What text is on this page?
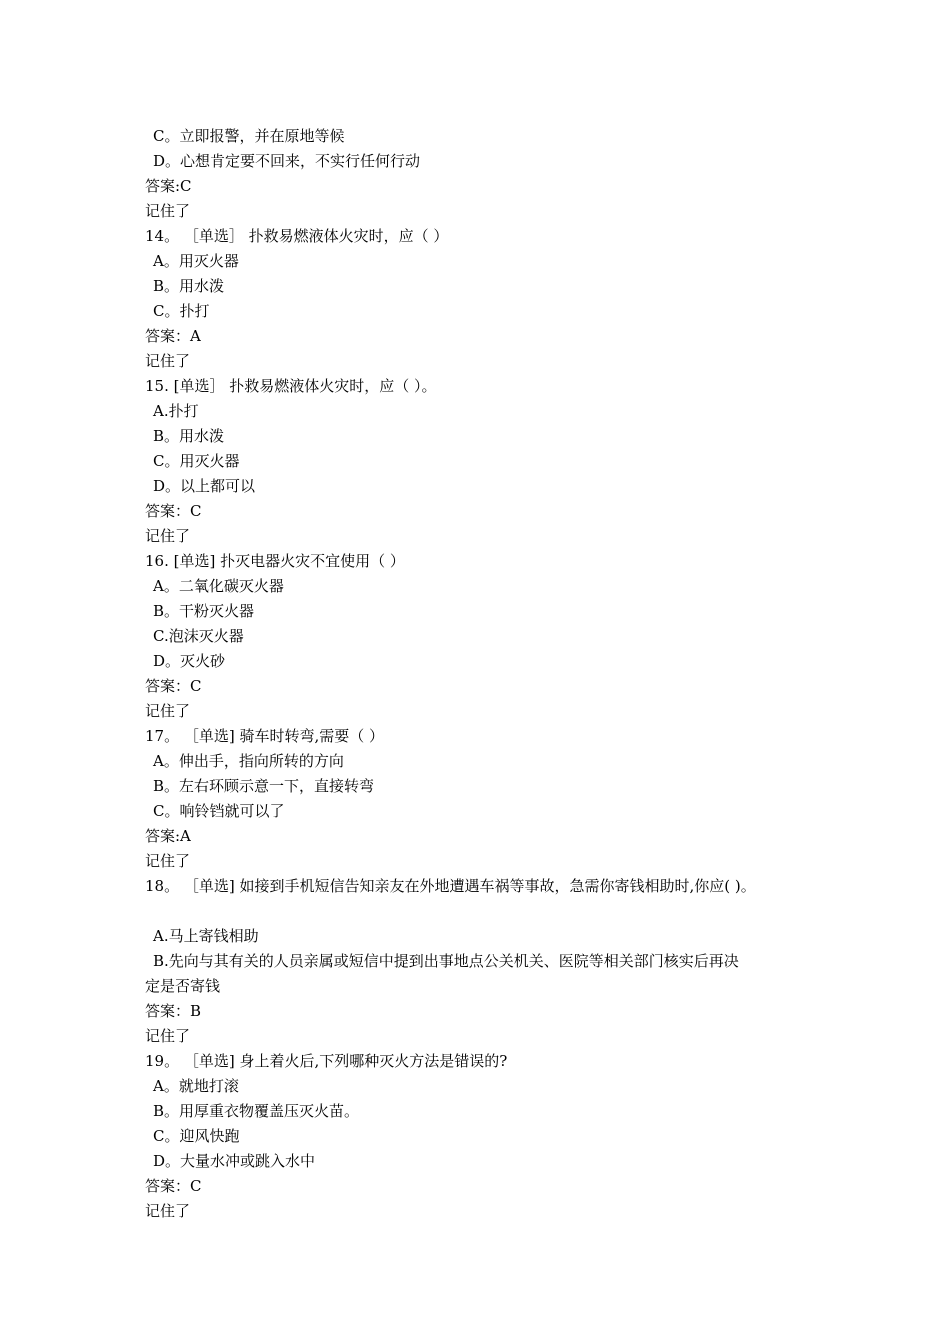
C。立即报警，并在原地等候
D。心想肯定要不回来，不实行任何行动
答案:C
记住了
14。 ［单选］ 扑救易燃液体火灾时，应（ ）
A。用灭火器
B。用水泼
C。扑打
答案：A
记住了
15. [单选］ 扑救易燃液体火灾时，应（ ）。
A.扑打
B。用水泼
C。用灭火器
D。以上都可以
答案：C
记住了
16. [单选] 扑灭电器火灾不宜使用（ ）
A。二氧化碳灭火器
B。干粉灭火器
C.泡沫灭火器
D。灭火砂
答案：C
记住了
17。 ［单选] 骑车时转弯,需要（ ）
A。伸出手，指向所转的方向
B。左右环顾示意一下，直接转弯
C。响铃铛就可以了
答案:A
记住了
18。 ［单选] 如接到手机短信告知亲友在外地遭遇车祸等事故，急需你寄钱相助时,你应( )。
A.马上寄钱相助
B.先向与其有关的人员亲属或短信中提到出事地点公关机关、医院等相关部门核实后再决
定是否寄钱
答案：B
记住了
19。 ［单选] 身上着火后,下列哪种灭火方法是错误的?
A。就地打滚
B。用厚重衣物覆盖压灭火苗。
C。迎风快跑
D。大量水冲或跳入水中
答案：C
记住了
